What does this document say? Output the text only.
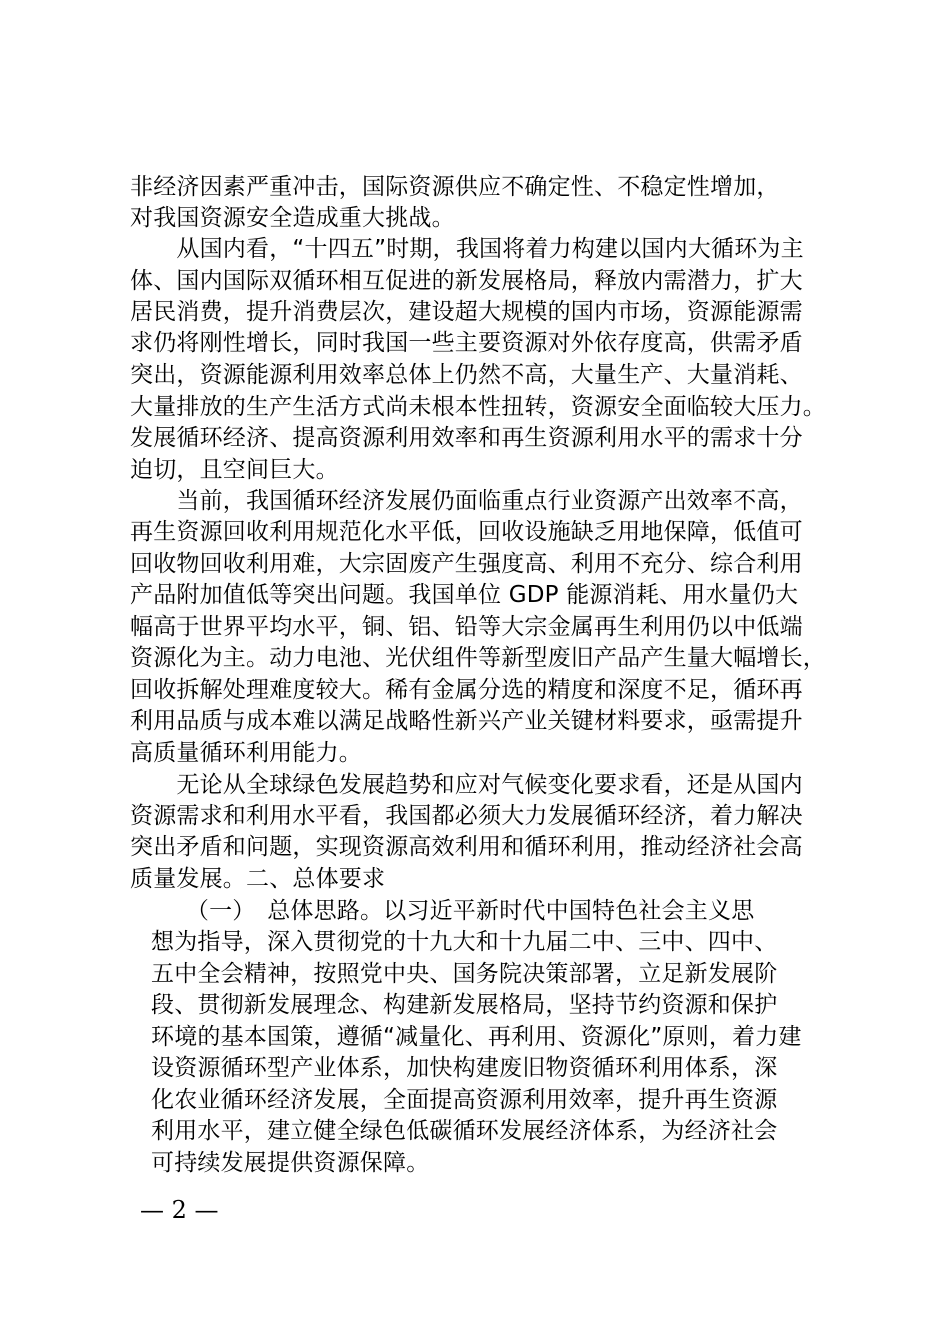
非经济因素严重冲击，国际资源供应不确定性、不稳定性增加，
对我国资源安全造成重大挑战。
　　从国内看，“十四五”时期，我国将着力构建以国内大循环为主
体、国内国际双循环相互促进的新发展格局，释放内需潜力，扩大
居民消费，提升消费层次，建设超大规模的国内市场，资源能源需
求仍将刚性增长，同时我国一些主要资源对外依存度高，供需矛盾
突出，资源能源利用效率总体上仍然不高，大量生产、大量消耗、
大量排放的生产生活方式尚未根本性扭转，资源安全面临较大压力。
发展循环经济、提高资源利用效率和再生资源利用水平的需求十分
迫切，且空间巨大。
　　当前，我国循环经济发展仍面临重点行业资源产出效率不高，
再生资源回收利用规范化水平低，回收设施缺乏用地保障，低值可
回收物回收利用难，大宗固废产生强度高、利用不充分、综合利用
产品附加值低等突出问题。我国单位 GDP 能源消耗、用水量仍大
幅高于世界平均水平，铜、铝、铅等大宗金属再生利用仍以中低端
资源化为主。动力电池、光伏组件等新型废旧产品产生量大幅增长，
回收拆解处理难度较大。稀有金属分选的精度和深度不足，循环再
利用品质与成本难以满足战略性新兴产业关键材料要求，亟需提升
高质量循环利用能力。
　　无论从全球绿色发展趋势和应对气候变化要求看，还是从国内
资源需求和利用水平看，我国都必须大力发展循环经济，着力解决
突出矛盾和问题，实现资源高效利用和循环利用，推动经济社会高
质量发展。二、总体要求
　　（一）　总体思路。以习近平新时代中国特色社会主义思
想为指导，深入贯彻党的十九大和十九届二中、三中、四中、
五中全会精神，按照党中央、国务院决策部署，立足新发展阶
段、贯彻新发展理念、构建新发展格局，坚持节约资源和保护
环境的基本国策，遵循“减量化、再利用、资源化”原则，着力建
设资源循环型产业体系，加快构建废旧物资循环利用体系，深
化农业循环经济发展，全面提高资源利用效率，提升再生资源
利用水平，建立健全绿色低碳循环发展经济体系，为经济社会
可持续发展提供资源保障。
— 2 —
